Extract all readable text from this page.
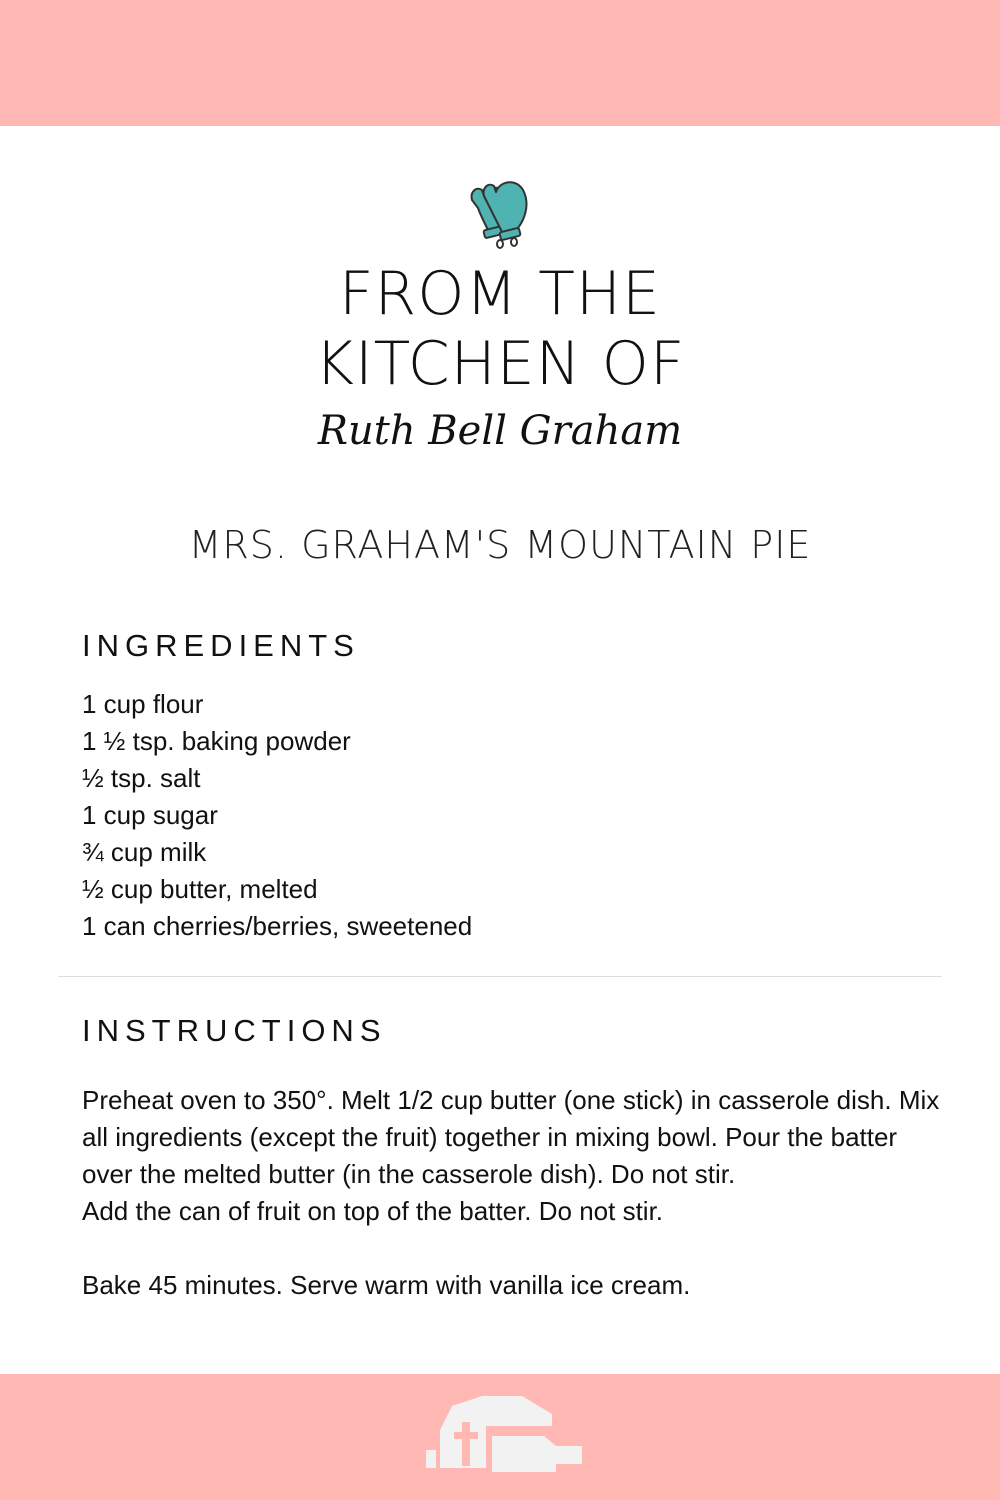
FROM THE
KITCHEN OF
Ruth Bell Graham
MRS. GRAHAM'S MOUNTAIN PIE
INGREDIENTS
1 cup flour
1 ½ tsp. baking powder
½ tsp. salt
1 cup sugar
¾ cup milk
½ cup butter, melted
1 can cherries/berries, sweetened
INSTRUCTIONS

Preheat oven to 350°. Melt 1/2 cup butter (one stick) in casserole dish. Mix all ingredients (except the fruit) together in mixing bowl. Pour the batter over the melted butter (in the casserole dish). Do not stir.

Add the can of fruit on top of the batter. Do not stir.

Bake 45 minutes. Serve warm with vanilla ice cream.
